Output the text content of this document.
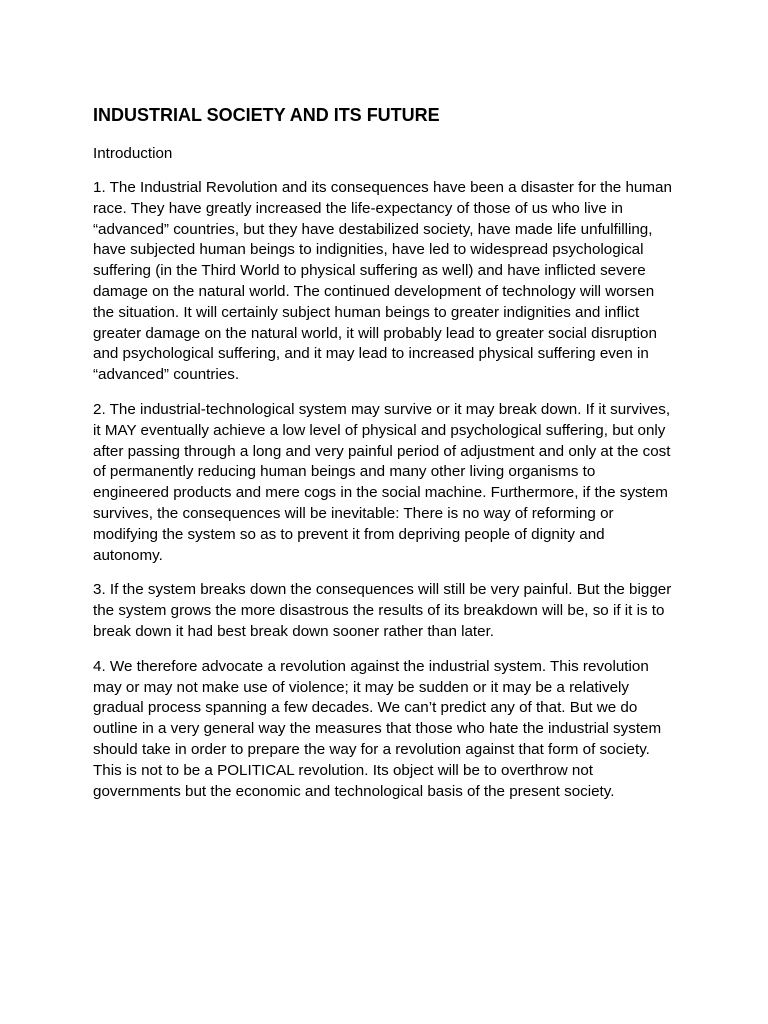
INDUSTRIAL SOCIETY AND ITS FUTURE
Introduction

1. The Industrial Revolution and its consequences have been a disaster for the human race. They have greatly increased the life-expectancy of those of us who live in “advanced” countries, but they have destabilized society, have made life unfulfilling, have subjected human beings to indignities, have led to widespread psychological suffering (in the Third World to physical suffering as well) and have inflicted severe damage on the natural world. The continued development of technology will worsen the situation. It will certainly subject human beings to greater indignities and inflict greater damage on the natural world, it will probably lead to greater social disruption and psychological suffering, and it may lead to increased physical suffering even in “advanced” countries.

2. The industrial-technological system may survive or it may break down. If it survives, it MAY eventually achieve a low level of physical and psychological suffering, but only after passing through a long and very painful period of adjustment and only at the cost of permanently reducing human beings and many other living organisms to engineered products and mere cogs in the social machine. Furthermore, if the system survives, the consequences will be inevitable: There is no way of reforming or modifying the system so as to prevent it from depriving people of dignity and autonomy.

3. If the system breaks down the consequences will still be very painful. But the bigger the system grows the more disastrous the results of its breakdown will be, so if it is to break down it had best break down sooner rather than later.

4. We therefore advocate a revolution against the industrial system. This revolution may or may not make use of violence; it may be sudden or it may be a relatively gradual process spanning a few decades. We can’t predict any of that. But we do outline in a very general way the measures that those who hate the industrial system should take in order to prepare the way for a revolution against that form of society. This is not to be a POLITICAL revolution. Its object will be to overthrow not governments but the economic and technological basis of the present society.
